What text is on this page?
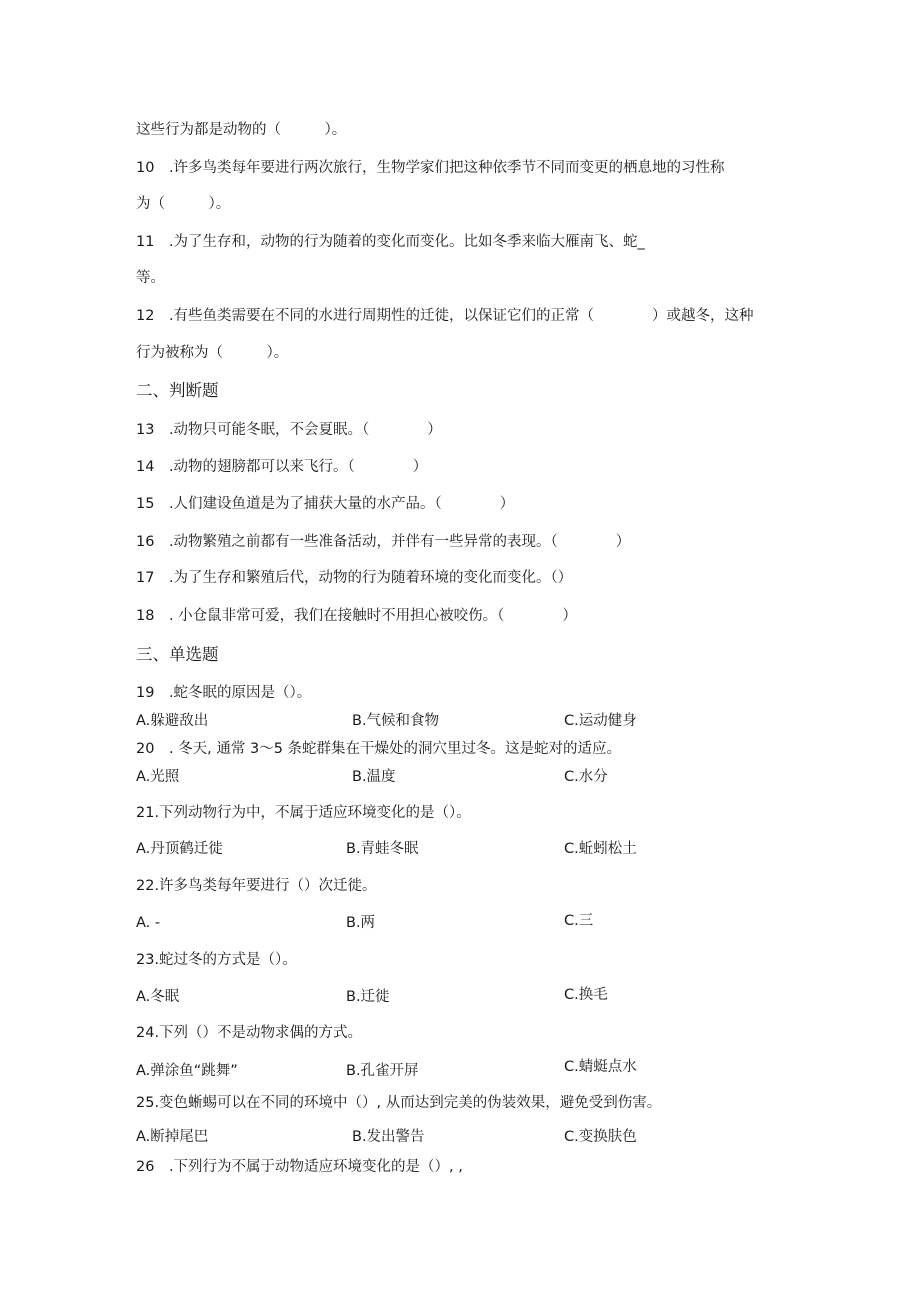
这些行为都是动物的（　　　）。
10　.许多鸟类每年要进行两次旅行，生物学家们把这种依季节不同而变更的栖息地的习性称
为（　　　）。
11　.为了生存和，动物的行为随着的变化而变化。比如冬季来临大雁南飞、蛇_
等。
12　.有些鱼类需要在不同的水进行周期性的迁徙，以保证它们的正常（　　　　）或越冬，这种
行为被称为（　　　）。
二、判断题
13　.动物只可能冬眠，不会夏眠。（　　　　）
14　.动物的翅膀都可以来飞行。（　　　　）
15　.人们建设鱼道是为了捕获大量的水产品。（　　　　）
16　.动物繁殖之前都有一些准备活动，并伴有一些异常的表现。（　　　　）
17　.为了生存和繁殖后代，动物的行为随着环境的变化而变化。（）
18　. 小仓鼠非常可爱，我们在接触时不用担心被咬伤。（　　　　）
三、单选题
19　.蛇冬眠的原因是（）。
A.躲避敌出	B.气候和食物	C.运动健身
20　. 冬天, 通常 3～5 条蛇群集在干燥处的洞穴里过冬。这是蛇对的适应。
A.光照	B.温度	C.水分
21.下列动物行为中，不属于适应环境变化的是（）。
A.丹顶鹤迁徙	B.青蛙冬眠	C.蚯蚓松土
22.许多鸟类每年要进行（）次迁徙。
A. -	B.两	C.三
23.蛇过冬的方式是（）。
A.冬眠	B.迁徙	C.换毛
24.下列（）不是动物求偶的方式。
A.弹涂鱼“跳舞”	B.孔雀开屏	C.蜻蜓点水
25.变色蜥蜴可以在不同的环境中（）, 从而达到完美的伪装效果，避免受到伤害。
A.断掉尾巴	B.发出警告	C.变换肤色
26　.下列行为不属于动物适应环境变化的是（）, ,
